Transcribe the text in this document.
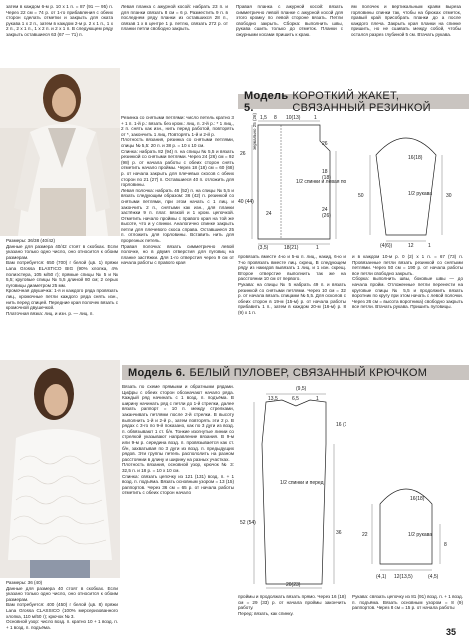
затем в каждом 6-м р. 10 х 1 п. = 87 (91 — 95) п. Через 22 см = 74 р. от 1-го прибавления с обеих сторон сделать отметки и закрыть для оката рукава 1 х 2 п., затем в каждом 2-м р. 2 х 1 п., 1 х 2 п., 2 х 1 п., 1 х 2 п. и 2 х 1 п. В следующем ряду закрыть оставшиеся 63 (67 — 71) п.
Левая планка с ажурной косой: набрать 23 п. и для планки связать 8 см = 6 р. Разместить 9 п. в последнем ряду планки из оставшихся 28 п., связав 1 х в центре 1 р. петлю, связать 272 р. от планки петли свободно закрыть.
Правая планка с ажурной косой: вязать симметрично левой планке с ажурной косой для этого кромку по левой стороне вязать. Петли свободно закрыть. Сборка: выполнить швы, рукава сшить только до отметок. Планки с ожурными косами пришить к краю.
ям полочек и вертикальным краям выреза горловины спинки так, чтобы на брюках отметок, правый край присобрать планки до а после каждого плеча. Закрыть края планки на спинке пришить, но не сшивать между собой, чтобы остался разрез глубиной 5 см. Втачать рукава.
Модель 5.
КОРОТКИЙ ЖАКЕТ, СВЯЗАННЫЙ РЕЗИНКОЙ
Размеры: 36/38 (40/42)
Данные для размера 40/42 стоят в скобках. Если указано только одно число, оно относится к обоим размерам.
Вам потребуется: 650 (700) г белой (цв. 1) пряжи Lana Grossa ELASTICO BIG (90% хлопка, 4% полиэстера, 105 м/50 г); прямые спицы № 5 и № 5,5; круговые спицы № 5,5 длиной 80 см; 2 серых пуговицы диаметром 25 мм.
Кромочная двушечка: 1-я и каждого ряда провязать лиц., кромочные петли каждого ряда снять изн., нить перед спицей. Передние края полочек вязать с кромочной двушечкой.
Платочная вязка: лиц. и изн. р. — лиц. п.
Резинка со снятыми петлями: число петель кратно 3 + 1 п. 1-й р.: вязать без кром.: лиц. п. 2-й р.: * 1 лиц., 2 п. снять как изн., нить перед работой, повторять от *, закончить 1 лиц. Повторять 1-й и 2-й р.
Плотность вязания, резинка со снятыми петлями, спицы № 5,5: 20 п. и 38 р. = 10 х 10 см.
Спинка: набрать 82 (94) п. на спицы № 5,5 и вязать резинкой со снятыми петлями. Через 24 (26) см = 92 (98) р. от начала работы с обеих сторон снять отметить начало проймы. Через 18 (18) см = 60 (68) р. от начала закрыть для плечевых скосов с обеих сторон по 21 (27) п. Оставшиеся 40 п. отложить для горловины.
Левая полочка: набрать 46 (52) п. на спицы № 5,5 и вязать следующим образом: 36 (42) п. резинкой со снятыми петлями, при этом начать с 1 лиц. и закончить 2 п., снятыми как изн., для планки застёжки 9 п. плат. вязкой и 1 кром. цепочкой. Отметить начало проймы с правого края на той же высоте, что и у спинки. Аналогично спинке закрыть петли для плечевого скоса справа. Оставшиеся 25 п. отложить для горловины. Вставить нить для прорезных петель.
Правая полочка: вязать симметрично левой полочке, но в двумя отверстия для пуговиц на планке застёжки. Для 1-го отверстия через 9 см от начала работы с правого края
провязать вместе 4-ю и 5-ю п. лиц., накид, 6-ю и 7-ю провязать вместе лиц. скрещ. В следующем ряду из накидов вывязать 1 лиц. и 1 изн. скрещ. Второе отверстие выполнить так же на расстоянии 10 см от первого.
Рукава: на спицы № 5 набрать 49 п. и вязать резинкой со снятыми петлями. Через 10 см = 32 р. от начала вязать спицами № 5,5. Для осколов с обеих сторон в 19-м (15-м) р. от начала работы прибавить 1 п., затем в каждом 20-м (16-м) р. 8 (9) х 1 п.
и в каждом 10-м р. 0 (2) х 1 п. = 67 (73) п. Провязанные петли вязать резинкой со снятыми петлями. Через 50 см = 190 р. от начала работы все петли свободно закрыть.
Сборка: выполнить швы, боковые швы — до начала пройм. Отложенные петли перенести на круговые спицы № 5,5 и продолжить вязать воротник по кругу при этом начать с левой полочки. Через 26 см = высота воротника) свободно закрыть все петли. Втачать рукава. Пришить пуговицы.
1,5 8 10(13)	1
26
40 (44)
24
1/2 спинки и левая по
26
18
(18)
24
(26)
(3,5)	18(21)	1
зеркально 25 (26)
16(18)
1/2 рукава
50	30
(4(6))	12	1
Модель 6. БЕЛЫЙ ПУЛОВЕР, СВЯЗАННЫЙ КРЮЧКОМ
Размеры: 36 (40)
Данные для размера 40 стоят в скобках. Если указано только одно число, оно относится к обоим размерам.
Вам потребуется: 400 (450) г белой (цв. 8) пряжи Lana Grossa CLASSICO (100% мерсеризованного хлопка, 110 м/50 г); крючок № 3.
Основной узор: число возд. п. кратно 10 + 1 возд. п. + 1 возд. п. подъёма.
Вязать по схеме прямыми и обратными рядами. Цифры с обеих сторон обозначают начало ряда. Каждый ряд начинать с 1 возд. п. подъёма. В ширину начинать ряд с петли до 1-й стрелки, далее вязать раппорт = 10 п. между стрелками, заканчивать петлями после 2-й стрелки. В высоту выполнить 1-й и 2-й р., затем повторять эти 2 р. В рядах с 3-го по 9-й показано, как по 3 дуги из возд. п. обвязывают 1 ст. б/н. Тонкие изогнутые линии со стрелкой указывают направление вязания. В 9-м или 9-м р. середина возд. п. провязывается как ст. б/н, захватывая по 3 дуги из возд. п. предыдущих рядов. Эти группы петель распололить на разном расстоянии в длину и ширину на разных участках.
Плотность вязания, основной узор, крючок № 3: 32,5 п. и 18 р. = 10 х 10 см.
Спинка: связать цепочку из 121 (131) возд. п. + 1 возд. п. подъёма. Вязать основным узором = 13 (15) раппортов. Через 36 см = 65 р. от начала работы отметить с обеих сторон начало
проймы и продолжать вязать прямо. Через 16 (18) см = 29 (33) р. от начала проймы закончить работу.
Перед: вязать, как спинку.
Рукава: связать цепочку из 81 (91) возд. п. + 1 возд. п. подъёма. Вязать основным узором = 8 (9) раппортов. Через 8 см = 15 р. от начала работы
(9,5)
13,5	6,5	1
52 (54)
16 (
36
1/2 спинки и перед
20(23)
16(18)
1/2 рукава
22
8
(4,1) 12(13,5)	(4,5)
35
